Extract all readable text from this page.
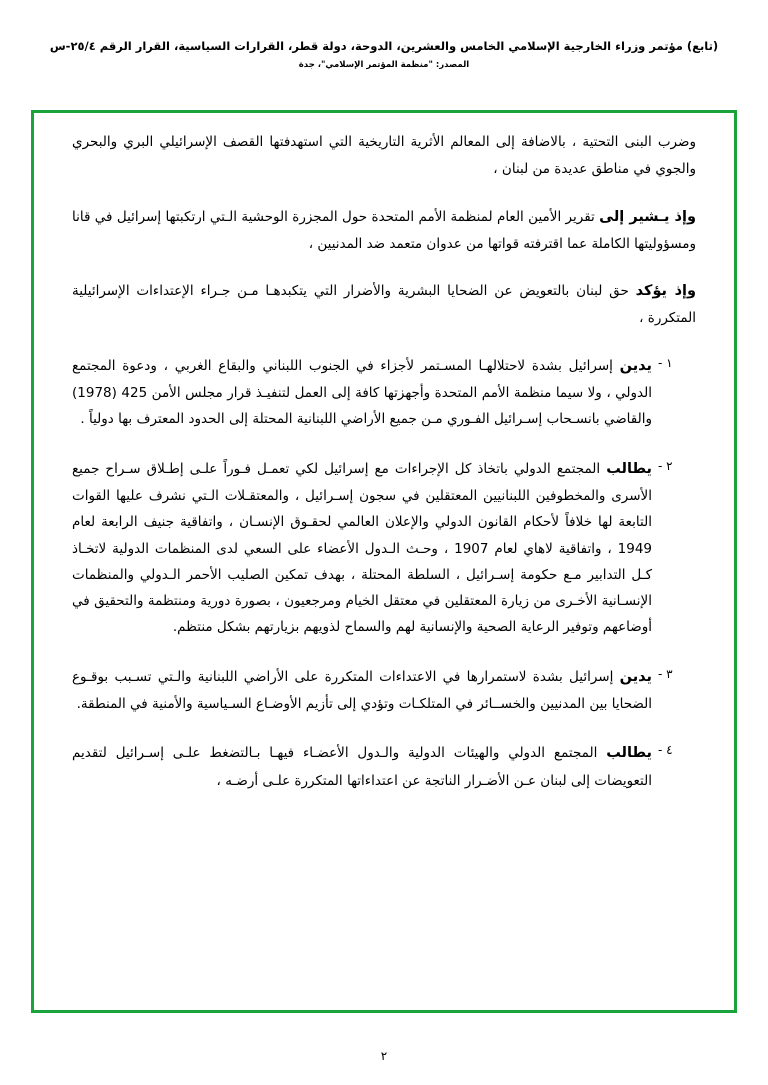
(تابع) مؤتمر وزراء الخارجية الإسلامي الخامس والعشرين، الدوحة، دولة قطر، القرارات السياسية، القرار الرقم ٢٥/٤-س
المصدر: "منظمة المؤتمر الإسلامي"، جدة
وضرب البنى التحتية ، بالاضافة إلى المعالم الأثرية التاريخية التي استهدفتها القصف الإسرائيلي البري والبحري والجوي في مناطق عديدة من لبنان ،
وإذ يـشير إلى تقرير الأمين العام لمنظمة الأمم المتحدة حول المجزرة الوحشية الـتي ارتكبتها إسرائيل في قانا ومسؤوليتها الكاملة عما اقترفته قواتها من عدوان متعمد ضد المدنيين ،
وإذ يؤكد حق لبنان بالتعويض عن الضحايا البشرية والأضرار التي يتكبدهـا مـن جـراء الإعتداءات الإسرائيلية المتكررة ،
١ -
يدين إسرائيل بشدة لاحتلالهـا المسـتمر لأجزاء في الجنوب اللبناني والبقاع الغربي ، ودعوة المجتمع الدولي ، ولا سيما منظمة الأمم المتحدة وأجهزتها كافة إلى العمل لتنفيـذ قرار مجلس الأمن 425 (1978) والقاضي بانسـحاب إسـرائيل الفـوري مـن جميع الأراضي اللبنانية المحتلة إلى الحدود المعترف بها دولياً .
٢ -
يطالب المجتمع الدولي باتخاذ كل الإجراءات مع إسرائيل لكي تعمـل فـوراً علـى إطـلاق سـراح جميع الأسرى والمخطوفين اللبنانيين المعتقلين في سجون إسـرائيل ، والمعتقـلات الـتي نشرف عليها القوات التابعة لها خلافاً لأحكام القانون الدولي والإعلان العالمي لحقـوق الإنسـان ، واتفاقية جنيف الرابعة لعام 1949 ، واتفاقية لاهاي لعام 1907 ، وحـث الـدول الأعضاء على السعي لدى المنظمات الدولية لاتخـاذ كـل التدابير مـع حكومة إسـرائيل ، السلطة المحتلة ، بهدف تمكين الصليب الأحمر الـدولي والمنظمات الإنسـانية الأخـرى من زيارة المعتقلين في معتقل الخيام ومرجعيون ، بصورة دورية ومنتظمة والتحقيق في أوضاعهم وتوفير الرعاية الصحية والإنسانية لهم والسماح لذويهم بزيارتهم بشكل منتظم.
٣ -
يدين إسرائيل بشدة لاستمرارها في الاعتداءات المتكررة على الأراضي اللبنانية والـتي تسـبب بوقـوع الضحايا بين المدنيين والخســائر في المتلكـات وتؤدي إلى تأزيم الأوضـاع السـياسية والأمنية في المنطقة.
٤ -
يطالب المجتمع الدولي والهيئات الدولية والـدول الأعضـاء فيهـا بـالتضغط علـى إسـرائيل لتقديم التعويضات إلى لبنان عـن الأضـرار الناتجة عن اعتداءاتها المتكررة علـى أرضـه ،
٢
